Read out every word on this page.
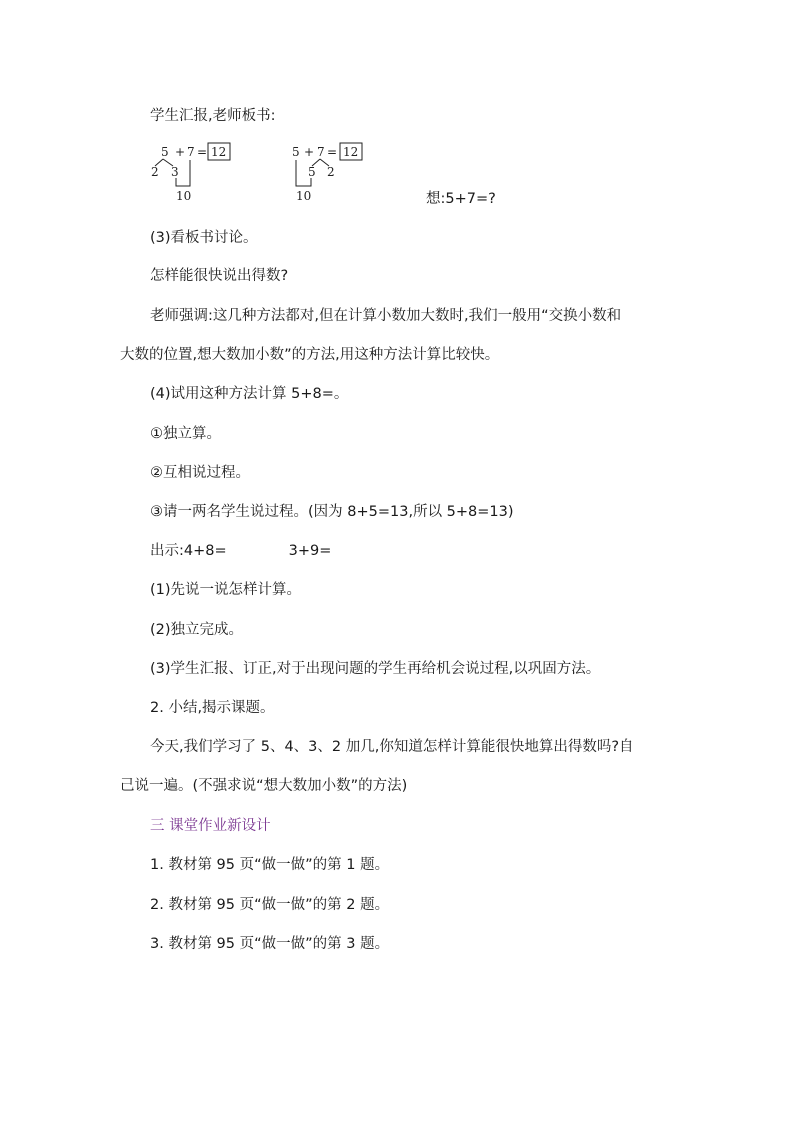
学生汇报,老师板书:
5 + 7 = 12
2 3
10
5 + 7 = 12
5 2
10	想:5+7=?
(3)看板书讨论。
怎样能很快说出得数?
老师强调:这几种方法都对,但在计算小数加大数时,我们一般用“交换小数和
大数的位置,想大数加小数”的方法,用这种方法计算比较快。
(4)试用这种方法计算 5+8=。
①独立算。
②互相说过程。
③请一两名学生说过程。(因为 8+5=13,所以 5+8=13)
出示:4+8=	3+9=
(1)先说一说怎样计算。
(2)独立完成。
(3)学生汇报、订正,对于出现问题的学生再给机会说过程,以巩固方法。
2. 小结,揭示课题。
今天,我们学习了 5、4、3、2 加几,你知道怎样计算能很快地算出得数吗?自
己说一遍。(不强求说“想大数加小数”的方法)
三 课堂作业新设计
1. 教材第 95 页“做一做”的第 1 题。
2. 教材第 95 页“做一做”的第 2 题。
3. 教材第 95 页“做一做”的第 3 题。
